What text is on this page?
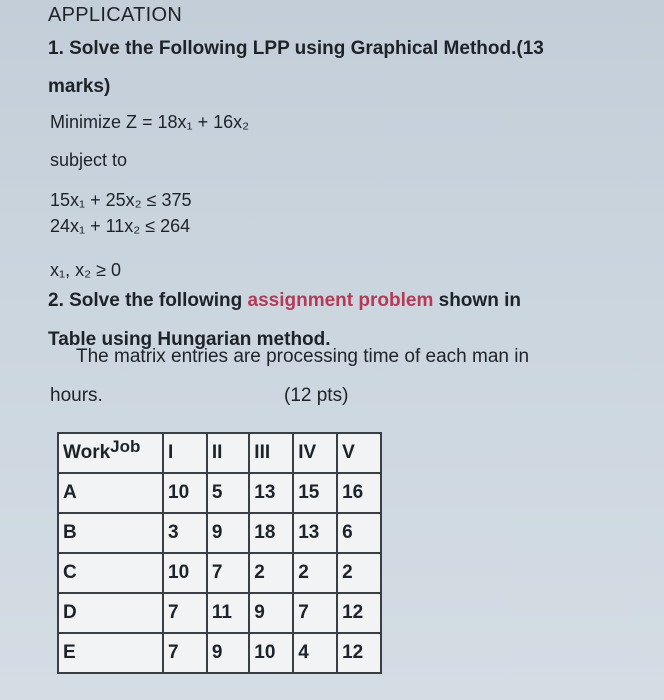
APPLICATION
1. Solve the Following LPP using Graphical Method.(13
marks)
Minimize Z = 18x₁ + 16x₂
subject to
15x₁ + 25x₂ ≤ 375
24x₁ + 11x₂ ≤ 264
x₁, x₂ ≥ 0
2. Solve the following assignment problem shown in
Table using Hungarian method.
The matrix entries are processing time of each man in
hours.	(12 pts)
WorkJob	I	II	III	IV	V
A	10	5	13	15	16
B	3	9	18	13	6
C	10	7	2	2	2
D	7	11	9	7	12
E	7	9	10	4	12
